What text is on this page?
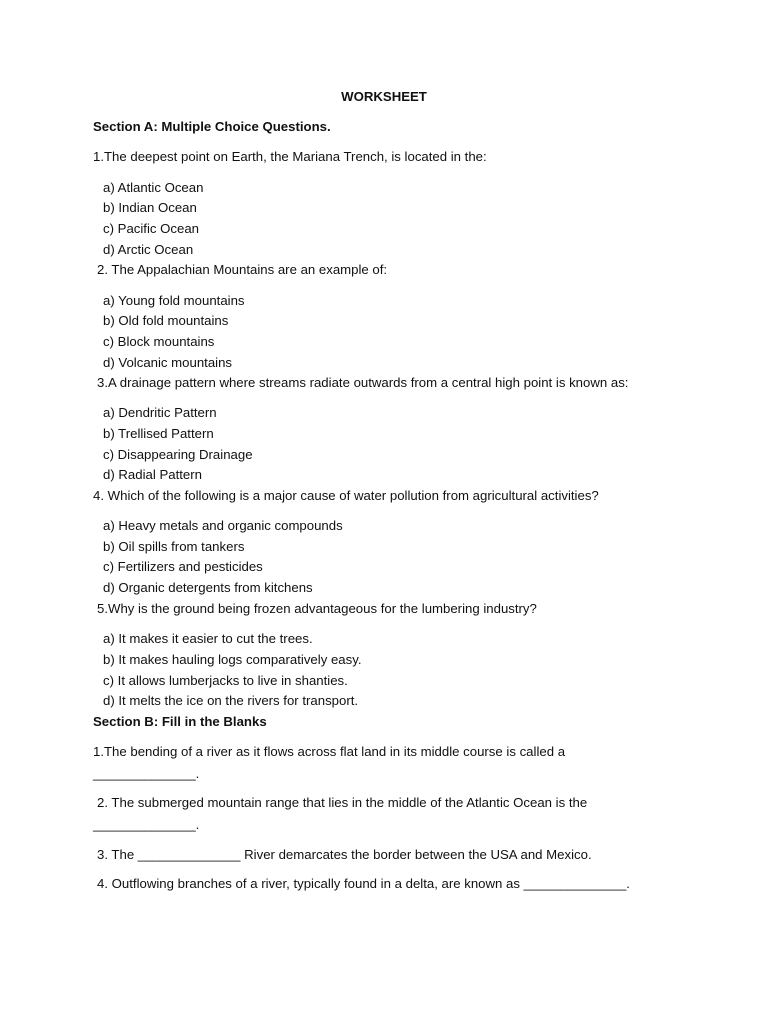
WORKSHEET
Section A: Multiple Choice Questions.
1.The deepest point on Earth, the Mariana Trench, is located in the:
a) Atlantic Ocean
b) Indian Ocean
c) Pacific Ocean
d) Arctic Ocean
2. The Appalachian Mountains are an example of:
a) Young fold mountains
b) Old fold mountains
c) Block mountains
d) Volcanic mountains
3.A drainage pattern where streams radiate outwards from a central high point is known as:
a) Dendritic Pattern
b) Trellised Pattern
c) Disappearing Drainage
d) Radial Pattern
4. Which of the following is a major cause of water pollution from agricultural activities?
a) Heavy metals and organic compounds
b) Oil spills from tankers
c) Fertilizers and pesticides
d) Organic detergents from kitchens
5.Why is the ground being frozen advantageous for the lumbering industry?
a) It makes it easier to cut the trees.
b) It makes hauling logs comparatively easy.
c) It allows lumberjacks to live in shanties.
d) It melts the ice on the rivers for transport.
Section B: Fill in the Blanks
1.The bending of a river as it flows across flat land in its middle course is called a
______________.
2. The submerged mountain range that lies in the middle of the Atlantic Ocean is the
______________.
3. The ______________ River demarcates the border between the USA and Mexico.
4. Outflowing branches of a river, typically found in a delta, are known as ______________.
